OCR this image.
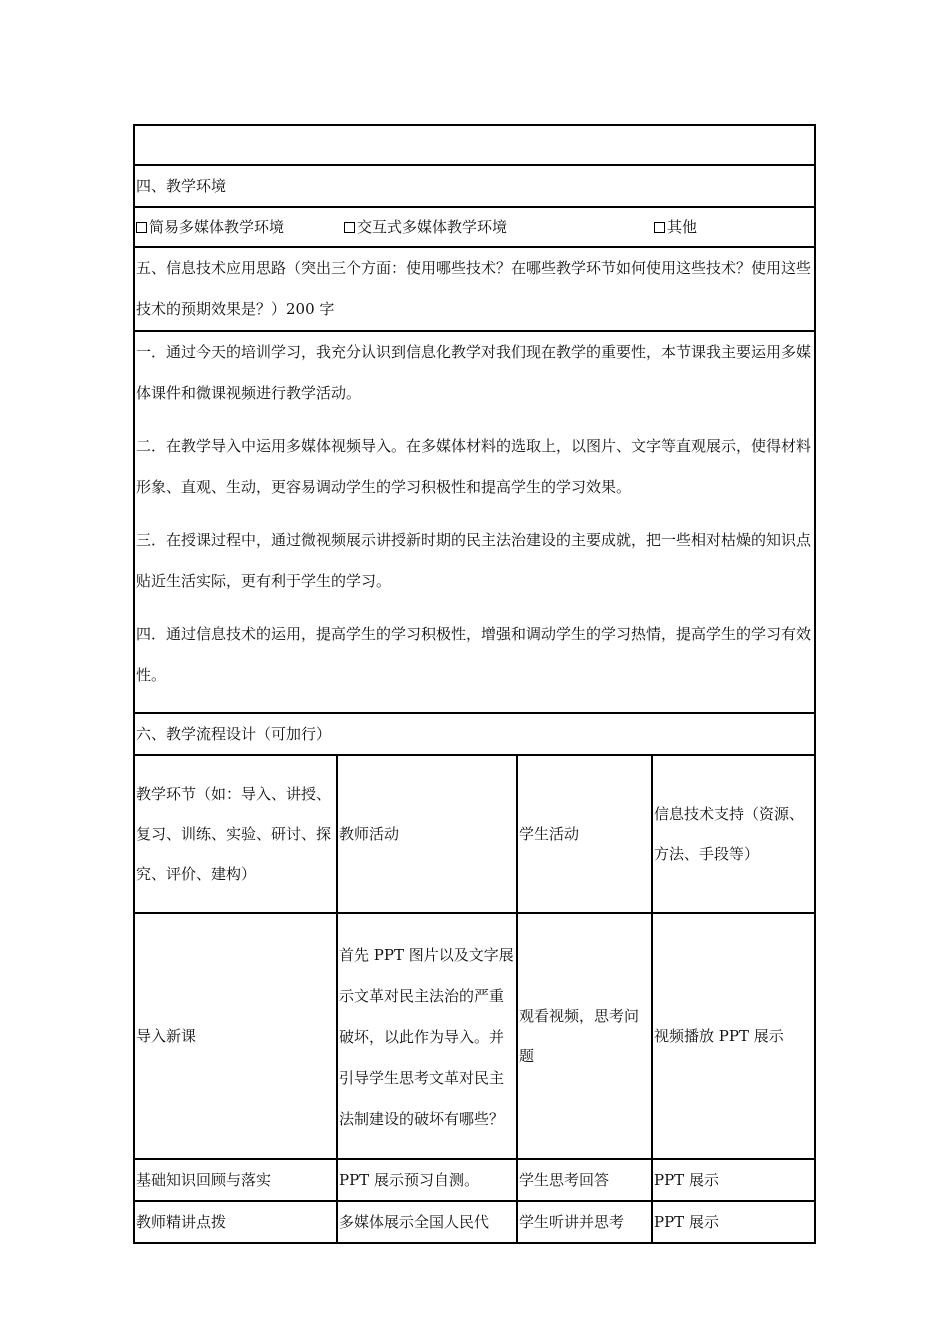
四、教学环境			

简易多媒体教学环境 交互式多媒体教学环境 其他			

五、信息技术应用思路（突出三个方面：使用哪些技术？在哪些教学环节如何使用这些技术？使用这些技术的预期效果是？）200 字			

一．通过今天的培训学习，我充分认识到信息化教学对我们现在教学的重要性，本节课我主要运用多媒体课件和微课视频进行教学活动。

二．在教学导入中运用多媒体视频导入。在多媒体材料的选取上，以图片、文字等直观展示，使得材料形象、直观、生动，更容易调动学生的学习积极性和提高学生的学习效果。

三．在授课过程中，通过微视频展示讲授新时期的民主法治建设的主要成就，把一些相对枯燥的知识点贴近生活实际，更有利于学生的学习。

四．通过信息技术的运用，提高学生的学习积极性，增强和调动学生的学习热情，提高学生的学习有效性。			

六、教学流程设计（可加行）			
教学环节（如：导入、讲授、复习、训练、实验、研讨、探究、评价、建构）	教师活动	学生活动	信息技术支持（资源、方法、手段等）
导入新课	首先 PPT 图片以及文字展示文革对民主法治的严重破坏，以此作为导入。并引导学生思考文革对民主法制建设的破坏有哪些？	观看视频，思考问题	视频播放 PPT 展示
基础知识回顾与落实	PPT 展示预习自测。	学生思考回答	PPT 展示
教师精讲点拨	多媒体展示全国人民代	学生听讲并思考	PPT 展示
